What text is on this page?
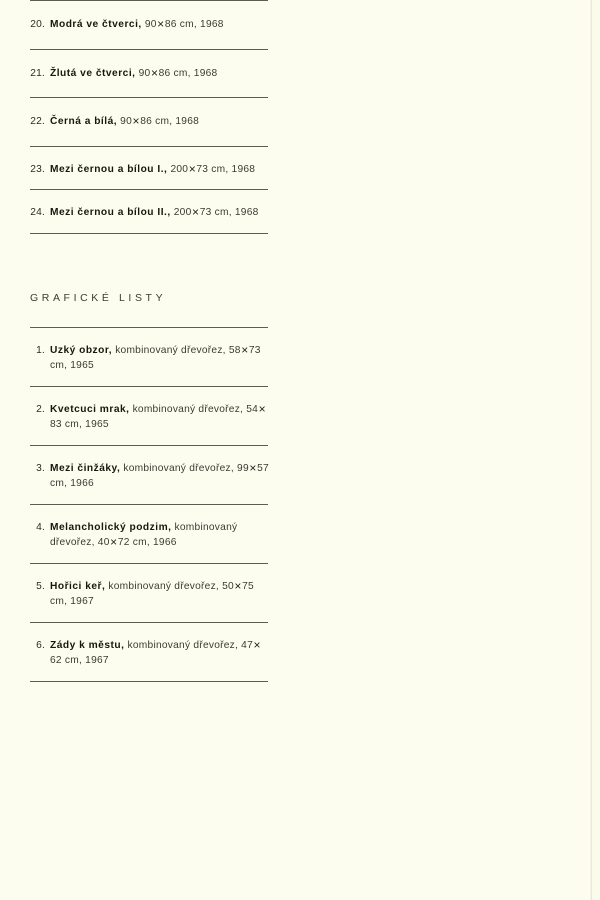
20. Modrá ve čtverci, 90×86 cm, 1968
21. Žlutá ve čtverci, 90×86 cm, 1968
22. Černá a bílá, 90×86 cm, 1968
23. Mezi černou a bílou I., 200×73 cm, 1968
24. Mezi černou a bílou II., 200×73 cm, 1968
GRAFICKÉ LISTY
1. Uzký obzor, kombinovaný dřevořez, 58×73 cm, 1965
2. Kvetcuci mrak, kombinovaný dřevořez, 54×83 cm, 1965
3. Mezi činžáky, kombinovaný dřevořez, 99×57 cm, 1966
4. Melancholický podzim, kombinovaný dřevořez, 40×72 cm, 1966
5. Hořici keř, kombinovaný dřevořez, 50×75 cm, 1967
6. Zády k městu, kombinovaný dřevořez, 47×62 cm, 1967
